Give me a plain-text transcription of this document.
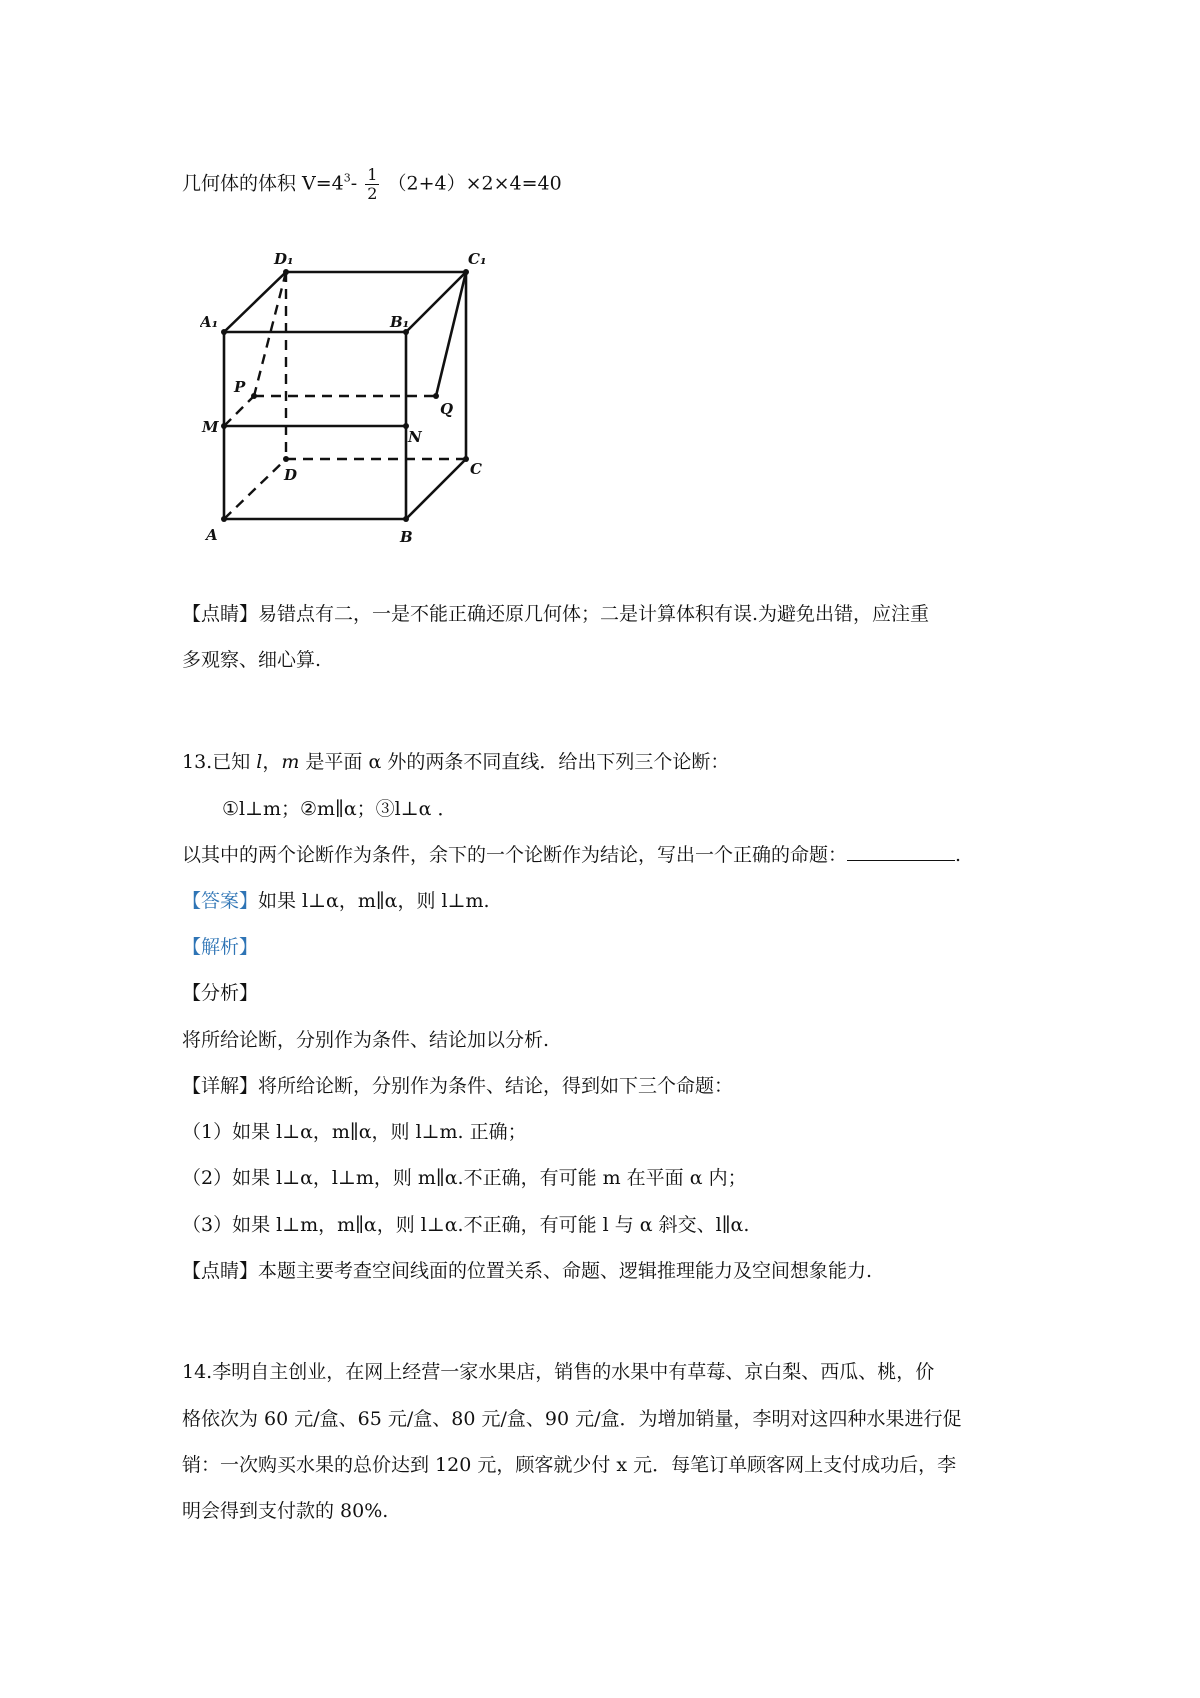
几何体的体积 $V=4^3- \frac{1}{2} (2+4)\times 2\times 4=40$
D₁	C₁
A₁	B₁
P
Q
M
N
D	C
A	B
【点睛】易错点有二，一是不能正确还原几何体；二是计算体积有误.为避免出错，应注重
多观察、细心算.
13.已知 l，m 是平面 α 外的两条不同直线．给出下列三个论断：
①l⊥m；②m∥α；③l⊥α ．
以其中的两个论断作为条件，余下的一个论断作为结论，写出一个正确的命题：	.
【答案】如果 l⊥α，m∥α，则 l⊥m.
【解析】
【分析】
将所给论断，分别作为条件、结论加以分析.
【详解】将所给论断，分别作为条件、结论，得到如下三个命题：
（1）如果 l⊥α，m∥α，则 l⊥m. 正确；
（2）如果 l⊥α，l⊥m，则 m∥α.不正确，有可能 m 在平面 α 内；
（3）如果 l⊥m，m∥α，则 l⊥α.不正确，有可能 l 与 α 斜交、l∥α.
【点睛】本题主要考查空间线面的位置关系、命题、逻辑推理能力及空间想象能力.
14.李明自主创业，在网上经营一家水果店，销售的水果中有草莓、京白梨、西瓜、桃，价
格依次为 60 元/盒、65 元/盒、80 元/盒、90 元/盒．为增加销量，李明对这四种水果进行促
销：一次购买水果的总价达到 120 元，顾客就少付 x 元．每笔订单顾客网上支付成功后，李
明会得到支付款的 80%.
